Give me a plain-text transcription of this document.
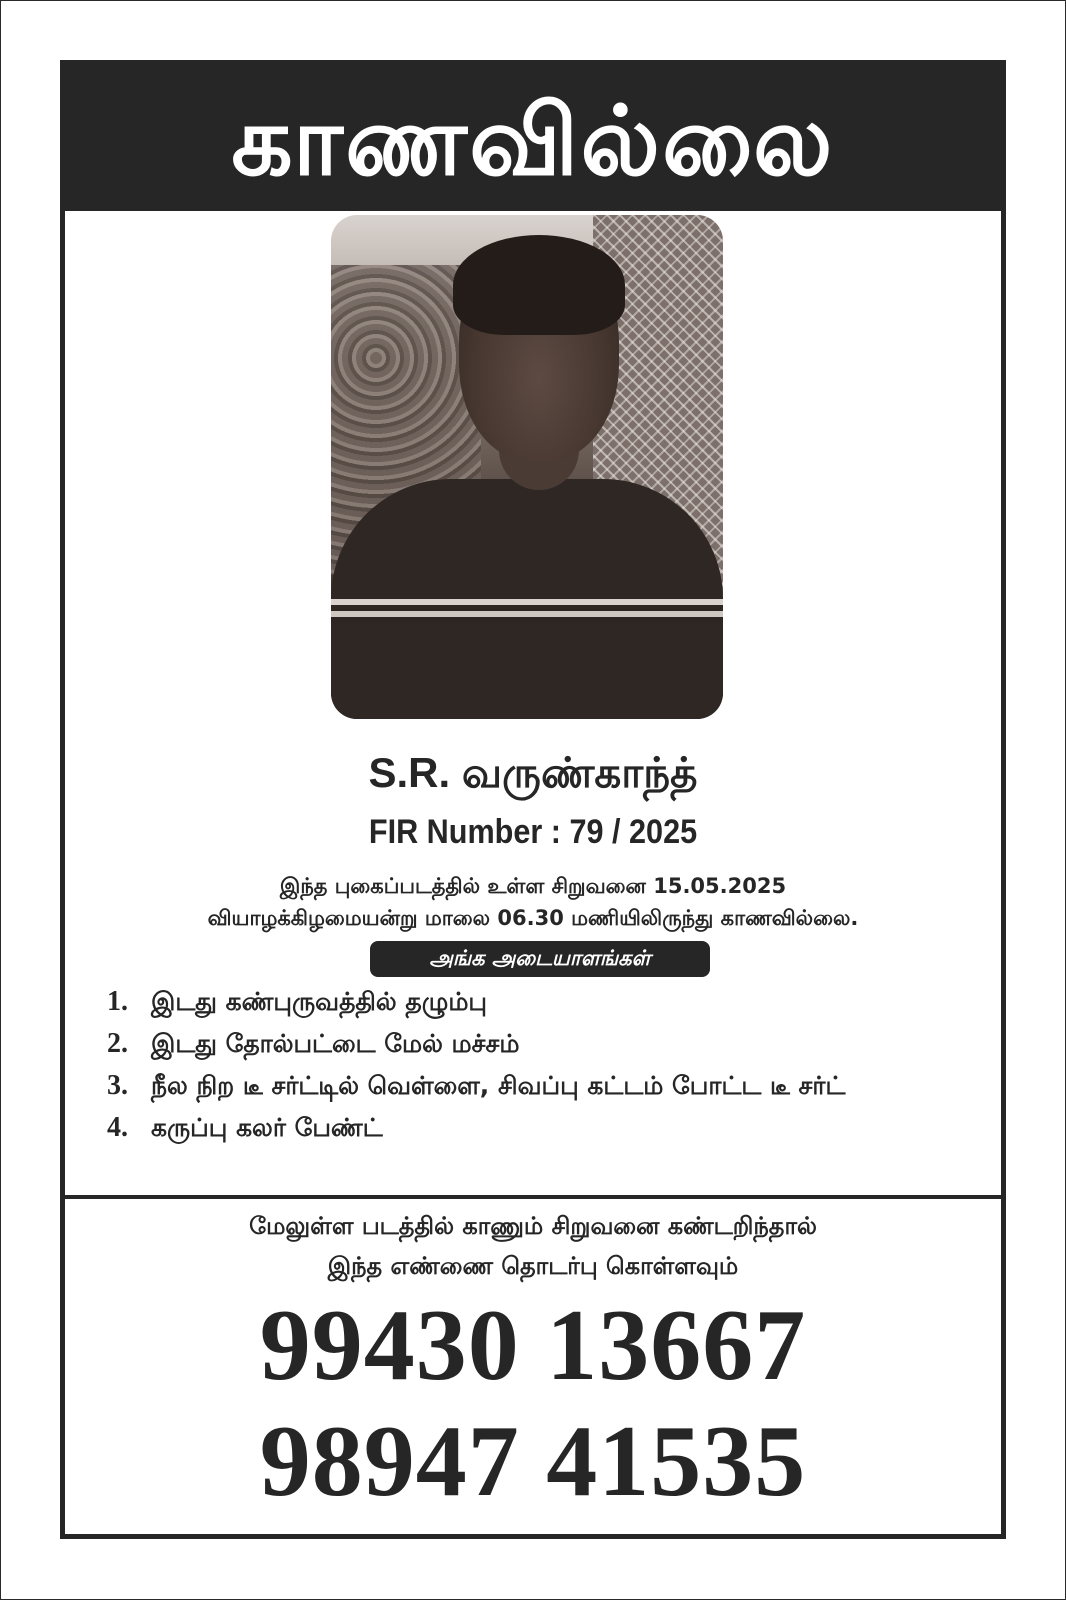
காணவில்லை
S.R. வருண்காந்த்
FIR Number : 79 / 2025
இந்த புகைப்படத்தில் உள்ள சிறுவனை 15.05.2025
வியாழக்கிழமையன்று மாலை 06.30 மணியிலிருந்து காணவில்லை.
அங்க அடையாளங்கள்
1. இடது கண்புருவத்தில் தழும்பு
2. இடது தோல்பட்டை மேல் மச்சம்
3. நீல நிற டீ சர்ட்டில் வெள்ளை, சிவப்பு கட்டம் போட்ட டீ சர்ட்
4. கருப்பு கலர் பேண்ட்
மேலுள்ள படத்தில் காணும் சிறுவனை கண்டறிந்தால்
இந்த எண்ணை தொடர்பு கொள்ளவும்
99430 13667
98947 41535
